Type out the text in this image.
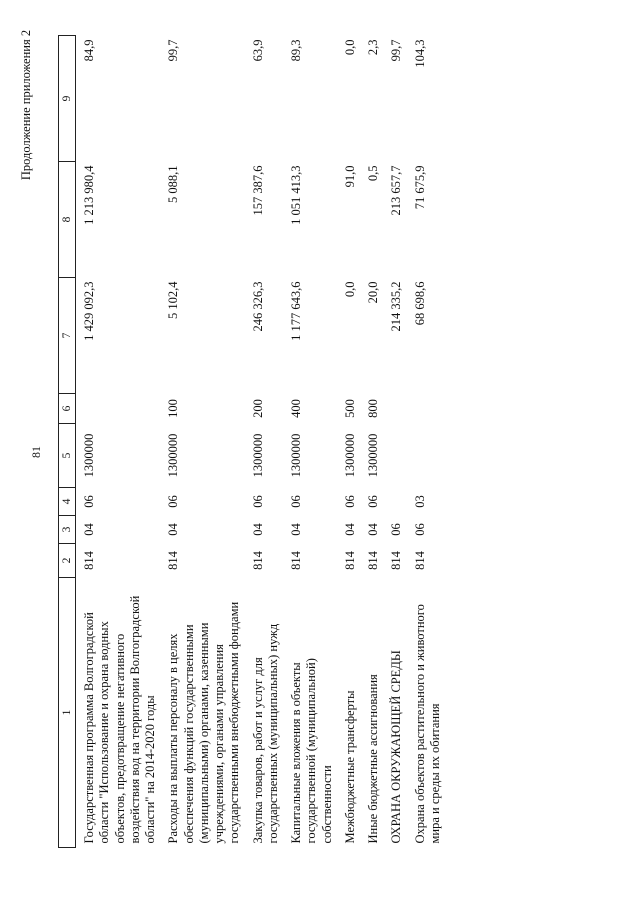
81
Продолжение приложения 2
1	2	3	4	5	6	7	8	9
Государственная программа Волгоградской области "Использование и охрана водных объектов, предотвращение негативного воздействия вод на территории Волгоградской области" на 2014-2020 годы	814	04	06	1300000		1 429 092,3	1 213 980,4	84,9
Расходы на выплаты персоналу в целях обеспечения функций государственными (муниципальными) органами, казенными учреждениями, органами управления государственными внебюджетными фондами	814	04	06	1300000	100	5 102,4	5 088,1	99,7
Закупка товаров, работ и услуг для государственных (муниципальных) нужд	814	04	06	1300000	200	246 326,3	157 387,6	63,9
Капитальные вложения в объекты государственной (муниципальной) собственности	814	04	06	1300000	400	1 177 643,6	1 051 413,3	89,3
Межбюджетные трансферты	814	04	06	1300000	500	0,0	91,0	0,0
Иные бюджетные ассигнования	814	04	06	1300000	800	20,0	0,5	2,3
ОХРАНА ОКРУЖАЮЩЕЙ СРЕДЫ	814	06				214 335,2	213 657,7	99,7
Охрана объектов растительного и животного мира и среды их обитания	814	06	03			68 698,6	71 675,9	104,3
